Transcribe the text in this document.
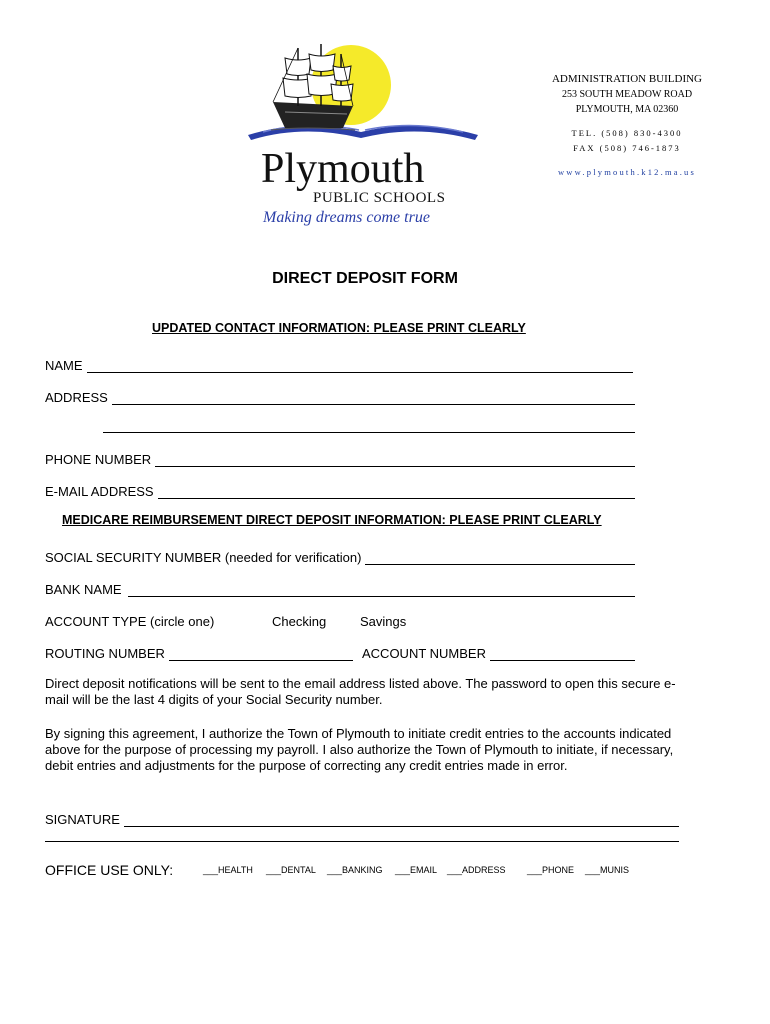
Plymouth
PUBLIC SCHOOLS
Making dreams come true
ADMINISTRATION BUILDING
253 SOUTH MEADOW ROAD
PLYMOUTH, MA 02360
TEL. (508) 830-4300
FAX (508) 746-1873
www.plymouth.k12.ma.us
DIRECT DEPOSIT FORM
UPDATED CONTACT INFORMATION: PLEASE PRINT CLEARLY
NAME
ADDRESS
PHONE NUMBER
E-MAIL ADDRESS
MEDICARE REIMBURSEMENT DIRECT DEPOSIT INFORMATION: PLEASE PRINT CLEARLY
SOCIAL SECURITY NUMBER (needed for verification)
BANK NAME
ACCOUNT TYPE (circle one)	Checking	Savings
ROUTING NUMBER	ACCOUNT NUMBER
Direct deposit notifications will be sent to the email address listed above. The password to open this secure e-mail will be the last 4 digits of your Social Security number.
By signing this agreement, I authorize the Town of Plymouth to initiate credit entries to the accounts indicated above for the purpose of processing my payroll. I also authorize the Town of Plymouth to initiate, if necessary, debit entries and adjustments for the purpose of correcting any credit entries made in error.
SIGNATURE
OFFICE USE ONLY:	___HEALTH ___DENTAL ___BANKING ___EMAIL ___ADDRESS ___PHONE ___MUNIS
